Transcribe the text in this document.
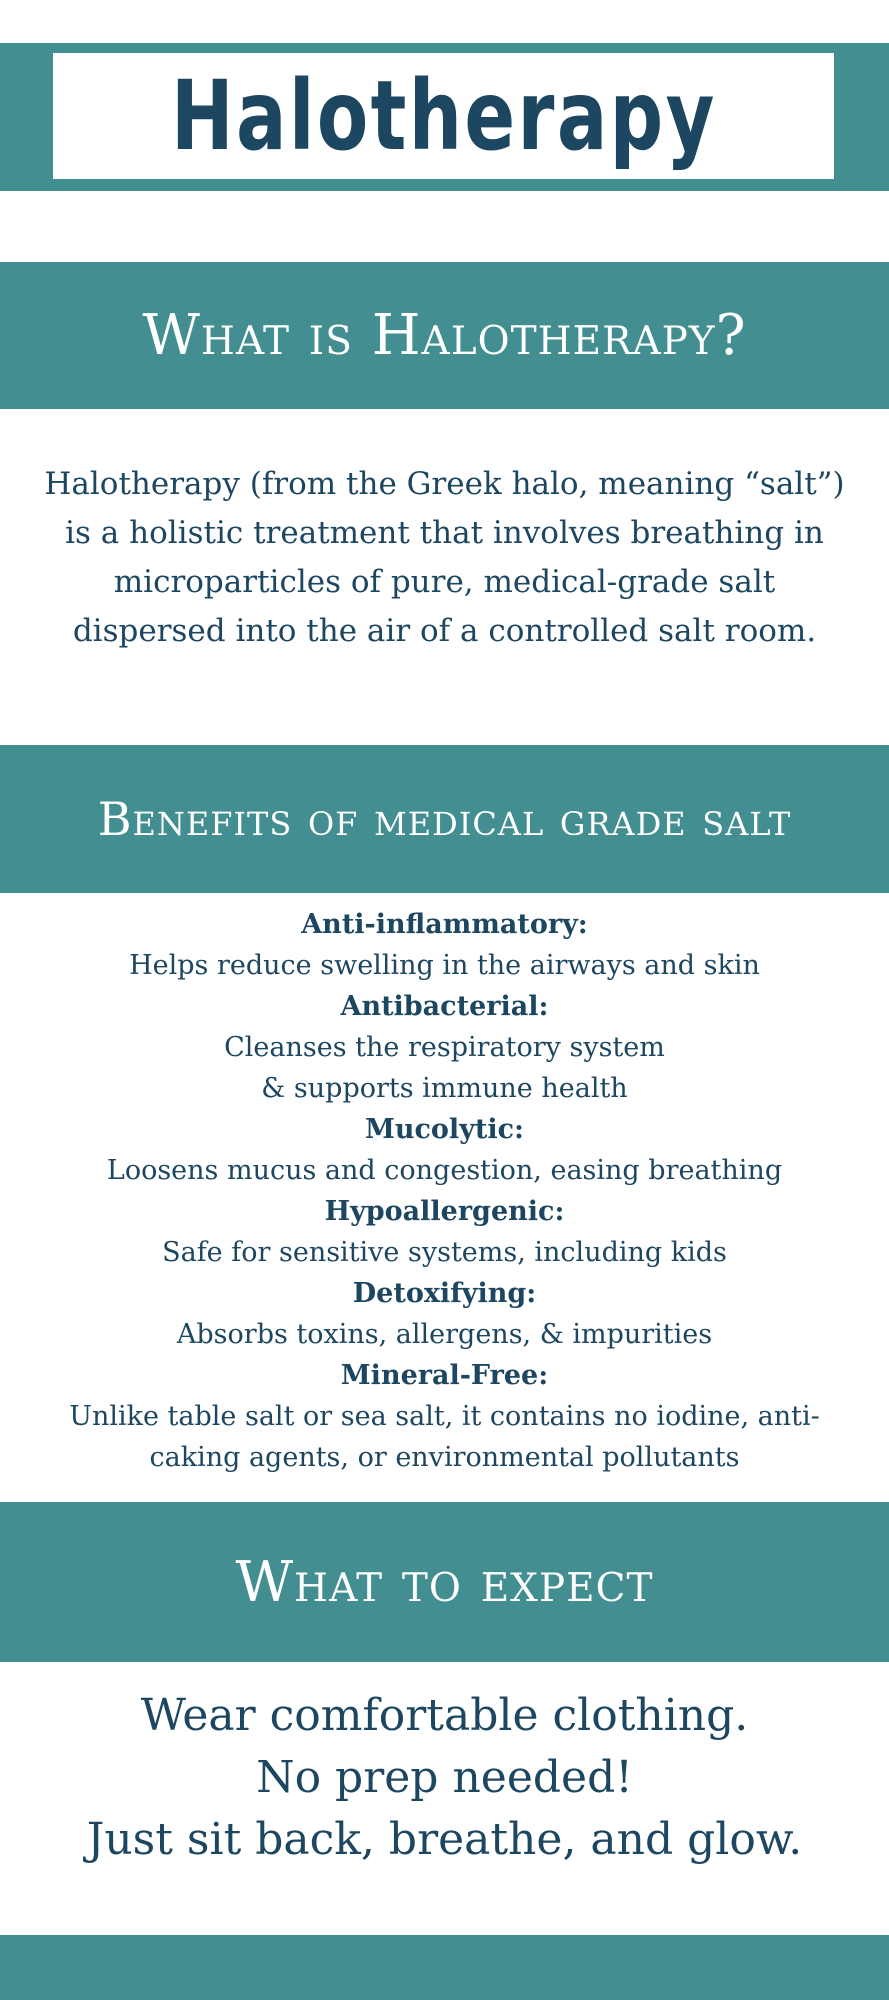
Halotherapy
What is Halotherapy?
Halotherapy (from the Greek halo, meaning “salt”)
is a holistic treatment that involves breathing in
microparticles of pure, medical-grade salt
dispersed into the air of a controlled salt room.
Benefits of medical grade salt
Anti-inflammatory:
Helps reduce swelling in the airways and skin
Antibacterial:
Cleanses the respiratory system
& supports immune health
Mucolytic:
Loosens mucus and congestion, easing breathing
Hypoallergenic:
Safe for sensitive systems, including kids
Detoxifying:
Absorbs toxins, allergens, & impurities
Mineral-Free:
Unlike table salt or sea salt, it contains no iodine, anti-
caking agents, or environmental pollutants
What to expect
Wear comfortable clothing.
No prep needed!
Just sit back, breathe, and glow.
